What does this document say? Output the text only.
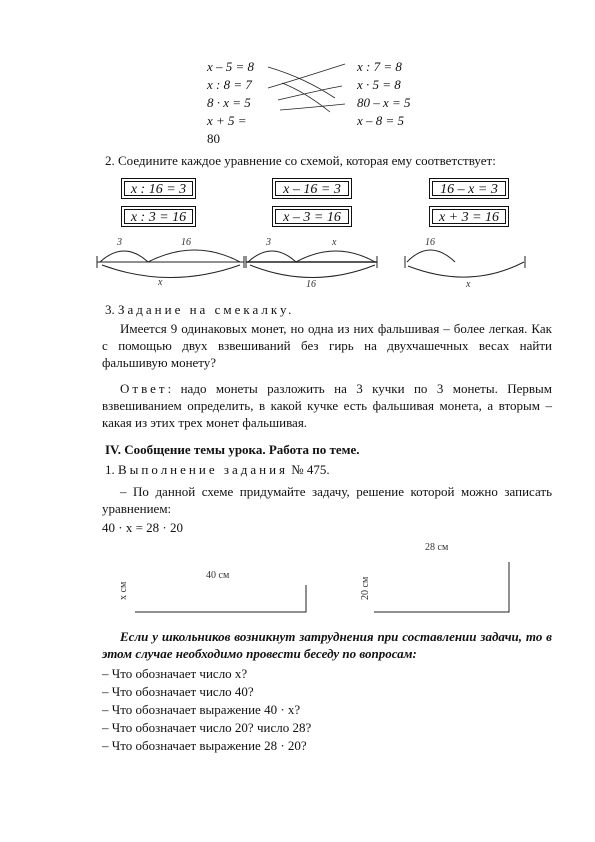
x – 5 = 8
x : 8 = 7
8 · x = 5
x + 5 =
80
x : 7 = 8
x · 5 = 8
80 – x = 5
x – 8 = 5
2. Соедините каждое уравнение со схемой, которая ему соответствует:
x : 16 = 3
x : 3 = 16
x – 16 = 3
x – 3 = 16
16 – x = 3
x + 3 = 16
3	16
x
3	x
16
16
x
3. Задание на смекалку.
Имеется 9 одинаковых монет, но одна из них фальшивая – более легкая. Как с помощью двух взвешиваний без гирь на двухчашечных весах найти фальшивую монету?
Ответ: надо монеты разложить на 3 кучки по 3 монеты. Первым взвешиванием определить, в какой кучке есть фальшивая монета, а вторым – какая из этих трех монет фальшивая.
IV. Сообщение темы урока. Работа по теме.
1. Выполнение задания № 475.
– По данной схеме придумайте задачу, решение которой можно записать уравнением:
40 · x = 28 · 20
40 см
x см
28 см
20 см
Если у школьников возникнут затруднения при составлении задачи, то в этом случае необходимо провести беседу по вопросам:
– Что обозначает число x?
– Что обозначает число 40?
– Что обозначает выражение 40 · x?
– Что обозначает число 20? число 28?
– Что обозначает выражение 28 · 20?
